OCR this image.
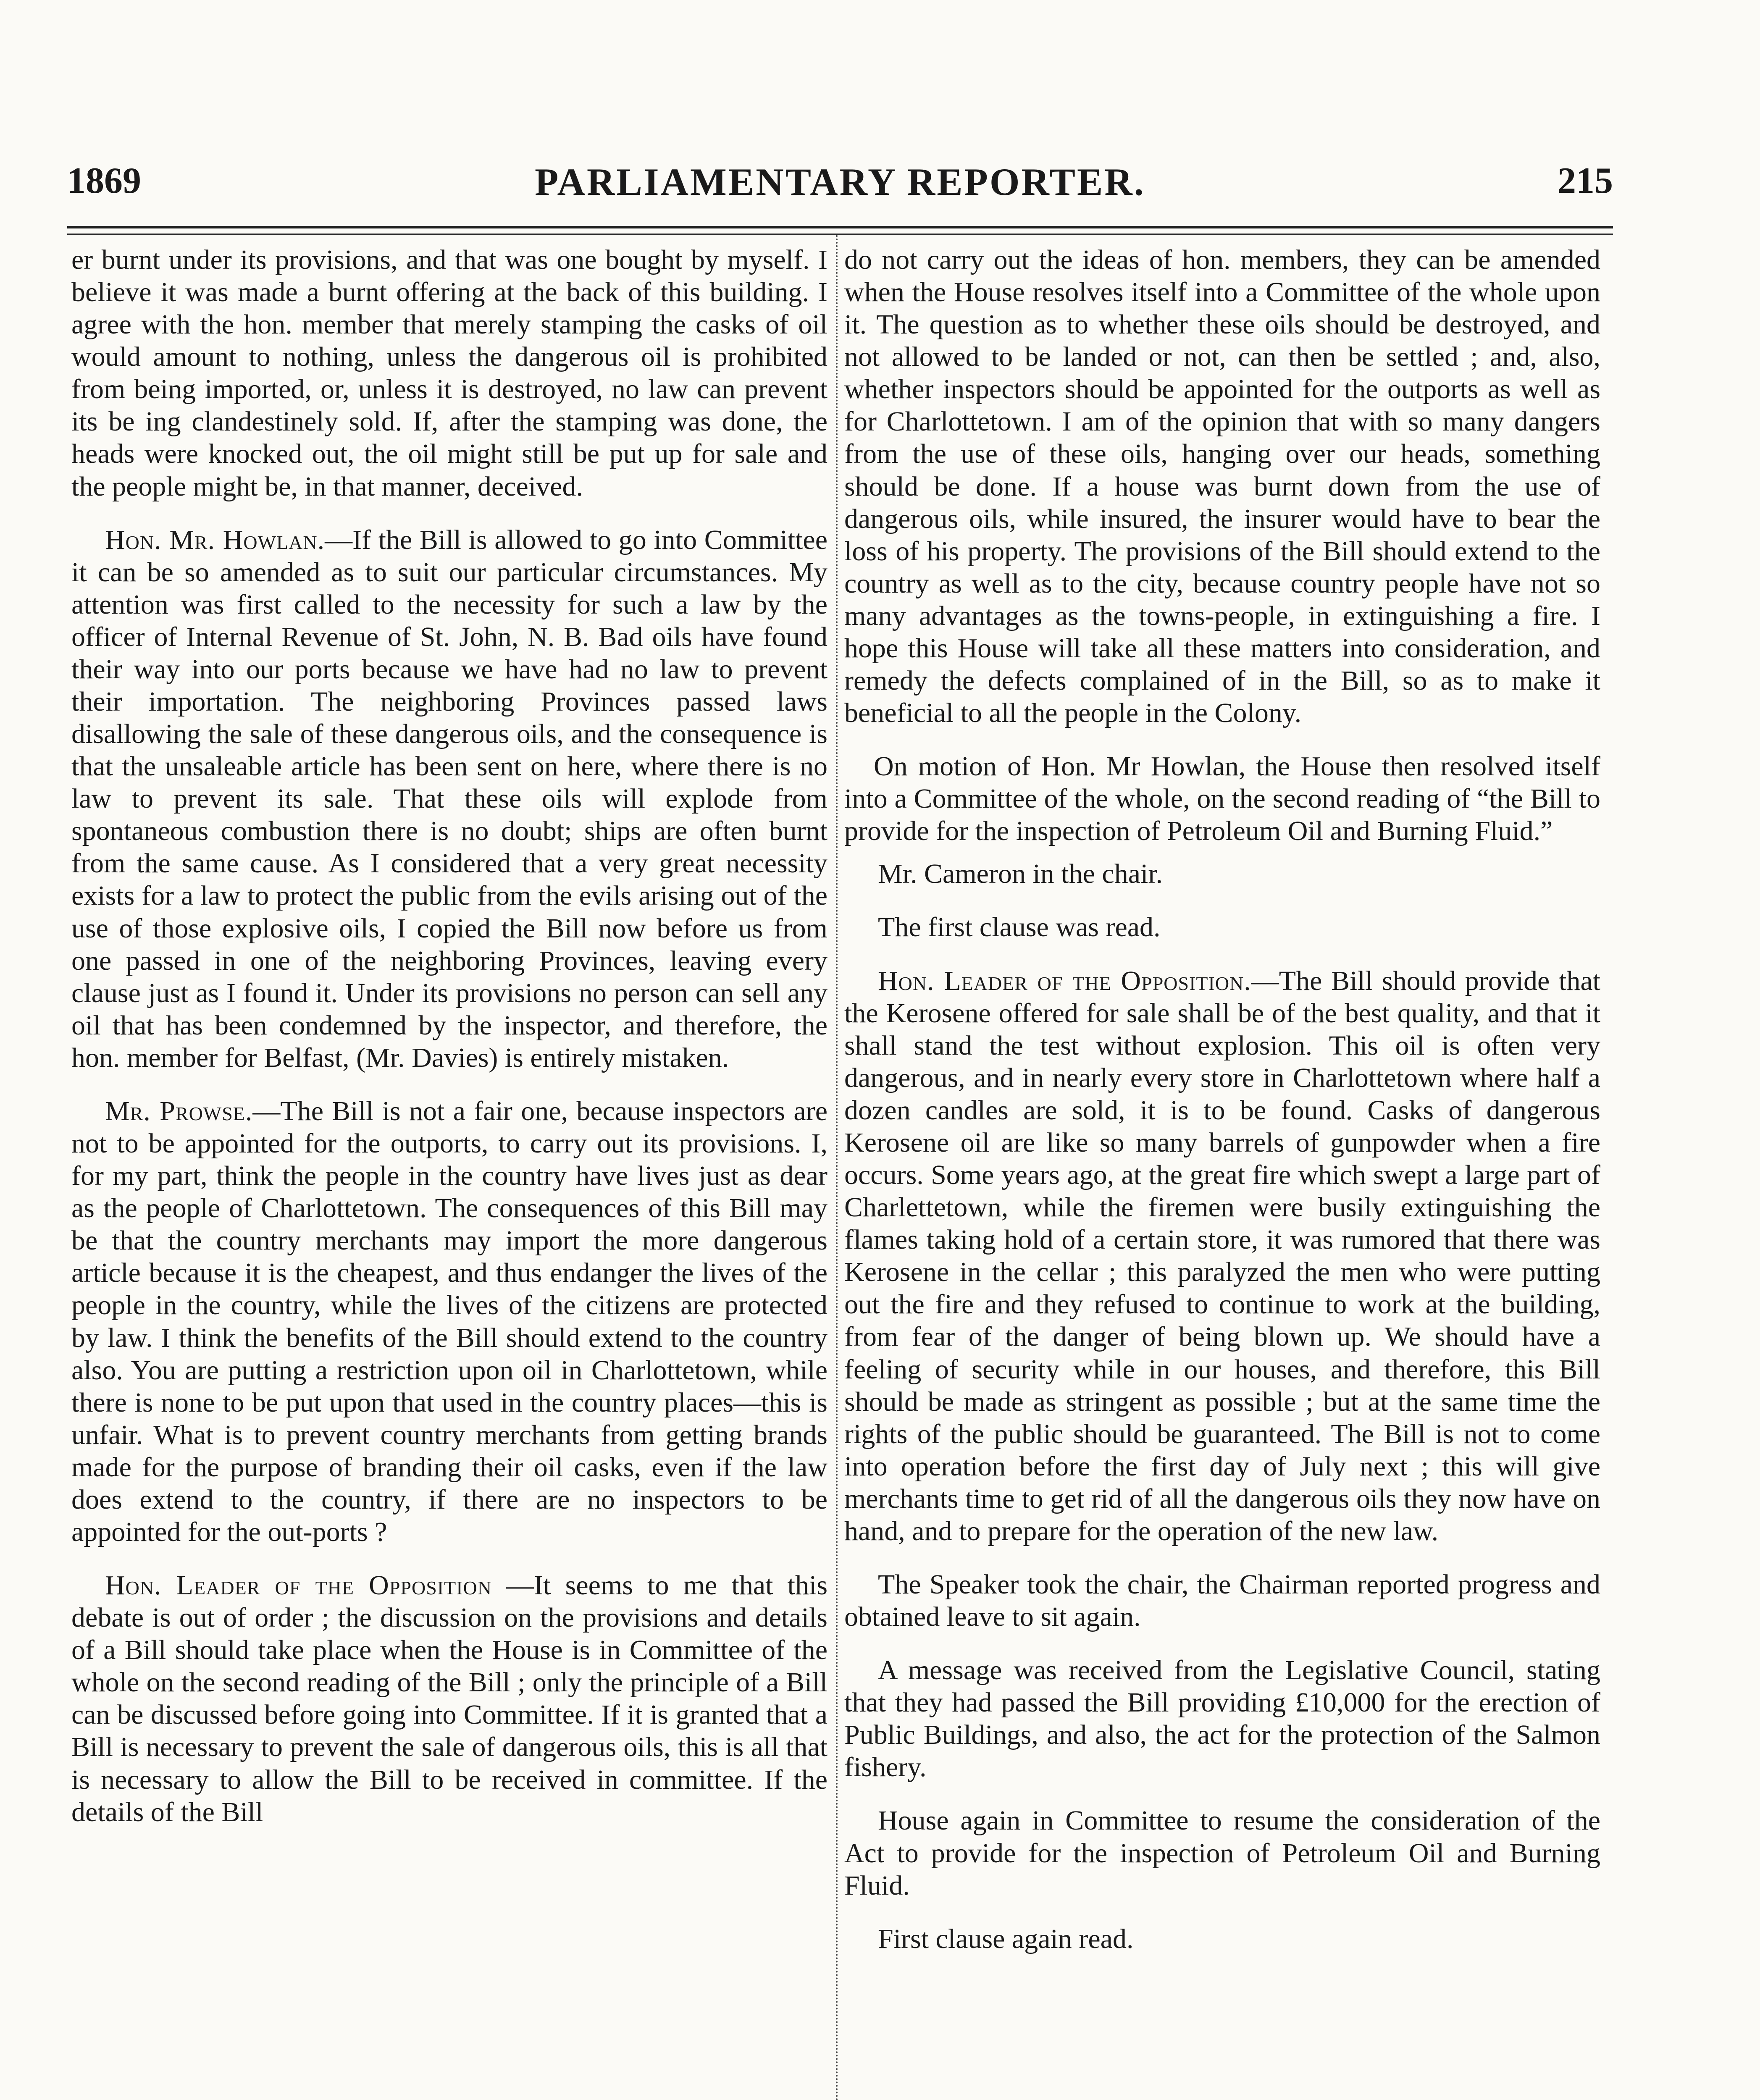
1869	PARLIAMENTARY REPORTER.	215

er burnt under its provisions, and that was one bought by myself. I believe it was made a burnt offering at the back of this building. I agree with the hon. member that merely stamping the casks of oil would amount to nothing, unless the dangerous oil is prohibited from being imported, or, unless it is destroyed, no law can prevent its be ing clandestinely sold. If, after the stamping was done, the heads were knocked out, the oil might still be put up for sale and the people might be, in that manner, deceived.

Hon. Mr. Howlan.—If the Bill is allowed to go into Committee it can be so amended as to suit our particular circumstances. My attention was first called to the necessity for such a law by the officer of Internal Revenue of St. John, N. B. Bad oils have found their way into our ports because we have had no law to prevent their importation. The neighboring Provinces passed laws disallowing the sale of these dangerous oils, and the consequence is that the unsaleable article has been sent on here, where there is no law to prevent its sale. That these oils will explode from spontaneous combustion there is no doubt; ships are often burnt from the same cause. As I considered that a very great necessity exists for a law to protect the public from the evils arising out of the use of those explosive oils, I copied the Bill now before us from one passed in one of the neighboring Provinces, leaving every clause just as I found it. Under its provisions no person can sell any oil that has been condemned by the inspector, and therefore, the hon. member for Belfast, (Mr. Davies) is entirely mistaken.

Mr. Prowse.—The Bill is not a fair one, because inspectors are not to be appointed for the outports, to carry out its provisions. I, for my part, think the people in the country have lives just as dear as the people of Charlottetown. The consequences of this Bill may be that the country merchants may import the more dangerous article because it is the cheapest, and thus endanger the lives of the people in the country, while the lives of the citizens are protected by law. I think the benefits of the Bill should extend to the country also. You are putting a restriction upon oil in Charlottetown, while there is none to be put upon that used in the country places—this is unfair. What is to prevent country merchants from getting brands made for the purpose of branding their oil casks, even if the law does extend to the country, if there are no inspectors to be appointed for the out-ports ?

Hon. Leader of the Opposition —It seems to me that this debate is out of order ; the discussion on the provisions and details of a Bill should take place when the House is in Committee of the whole on the second reading of the Bill ; only the principle of a Bill can be discussed before going into Committee. If it is granted that a Bill is necessary to prevent the sale of dangerous oils, this is all that is necessary to allow the Bill to be received in committee. If the details of the Bill

do not carry out the ideas of hon. members, they can be amended when the House resolves itself into a Committee of the whole upon it. The question as to whether these oils should be destroyed, and not allowed to be landed or not, can then be settled ; and, also, whether inspectors should be appointed for the outports as well as for Charlottetown. I am of the opinion that with so many dangers from the use of these oils, hanging over our heads, something should be done. If a house was burnt down from the use of dangerous oils, while insured, the insurer would have to bear the loss of his property. The provisions of the Bill should extend to the country as well as to the city, because country people have not so many advantages as the towns-people, in extinguishing a fire. I hope this House will take all these matters into consideration, and remedy the defects complained of in the Bill, so as to make it beneficial to all the people in the Colony.

On motion of Hon. Mr Howlan, the House then resolved itself into a Committee of the whole, on the second reading of “the Bill to provide for the inspection of Petroleum Oil and Burning Fluid.”

Mr. Cameron in the chair.

The first clause was read.

Hon. Leader of the Opposition.—The Bill should provide that the Kerosene offered for sale shall be of the best quality, and that it shall stand the test without explosion. This oil is often very dangerous, and in nearly every store in Charlottetown where half a dozen candles are sold, it is to be found. Casks of dangerous Kerosene oil are like so many barrels of gunpowder when a fire occurs. Some years ago, at the great fire which swept a large part of Charlettetown, while the firemen were busily extinguishing the flames taking hold of a certain store, it was rumored that there was Kerosene in the cellar ; this paralyzed the men who were putting out the fire and they refused to continue to work at the building, from fear of the danger of being blown up. We should have a feeling of security while in our houses, and therefore, this Bill should be made as stringent as possible ; but at the same time the rights of the public should be guaranteed. The Bill is not to come into operation before the first day of July next ; this will give merchants time to get rid of all the dangerous oils they now have on hand, and to prepare for the operation of the new law.

The Speaker took the chair, the Chairman reported progress and obtained leave to sit again.

A message was received from the Legislative Council, stating that they had passed the Bill providing £10,000 for the erection of Public Buildings, and also, the act for the protection of the Salmon fishery.

House again in Committee to resume the consideration of the Act to provide for the inspection of Petroleum Oil and Burning Fluid.

First clause again read.
